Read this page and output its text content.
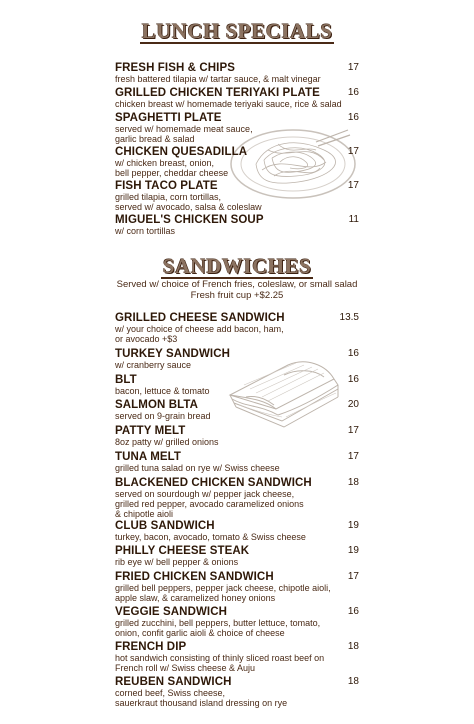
LUNCH SPECIALS
FRESH FISH & CHIPS
fresh battered tilapia w/ tartar sauce, & malt vinegar
17
GRILLED CHICKEN TERIYAKI PLATE
chicken breast w/ homemade teriyaki sauce, rice & salad
16
SPAGHETTI PLATE
served w/ homemade meat sauce,
garlic bread & salad
16
CHICKEN QUESADILLA
w/ chicken breast, onion,
bell pepper, cheddar cheese
17
FISH TACO PLATE
grilled tilapia, corn tortillas,
served w/ avocado, salsa & coleslaw
17
MIGUEL'S CHICKEN SOUP
w/ corn tortillas
11
SANDWICHES
Served w/ choice of French fries, coleslaw, or small salad
Fresh fruit cup +$2.25
GRILLED CHEESE SANDWICH
w/ your choice of cheese add bacon, ham,
or avocado +$3
13.5
TURKEY SANDWICH
w/ cranberry sauce
16
BLT
bacon, lettuce & tomato
16
SALMON BLTA
served on 9-grain bread
20
PATTY MELT
8oz patty w/ grilled onions
17
TUNA MELT
grilled tuna salad on rye w/ Swiss cheese
17
BLACKENED CHICKEN SANDWICH
served on sourdough w/ pepper jack cheese,
grilled red pepper, avocado caramelized onions
& chipotle aioli
18
CLUB SANDWICH
turkey, bacon, avocado, tomato & Swiss cheese
19
PHILLY CHEESE STEAK
rib eye w/ bell pepper & onions
19
FRIED CHICKEN SANDWICH
grilled bell peppers, pepper jack cheese, chipotle aioli,
apple slaw, & caramelized honey onions
17
VEGGIE SANDWICH
grilled zucchini, bell peppers, butter lettuce, tomato,
onion, confit garlic aioli & choice of cheese
16
FRENCH DIP
hot sandwich consisting of thinly sliced roast beef on
French roll w/ Swiss cheese & Auju
18
REUBEN SANDWICH
corned beef, Swiss cheese,
sauerkraut thousand island dressing on rye
18
